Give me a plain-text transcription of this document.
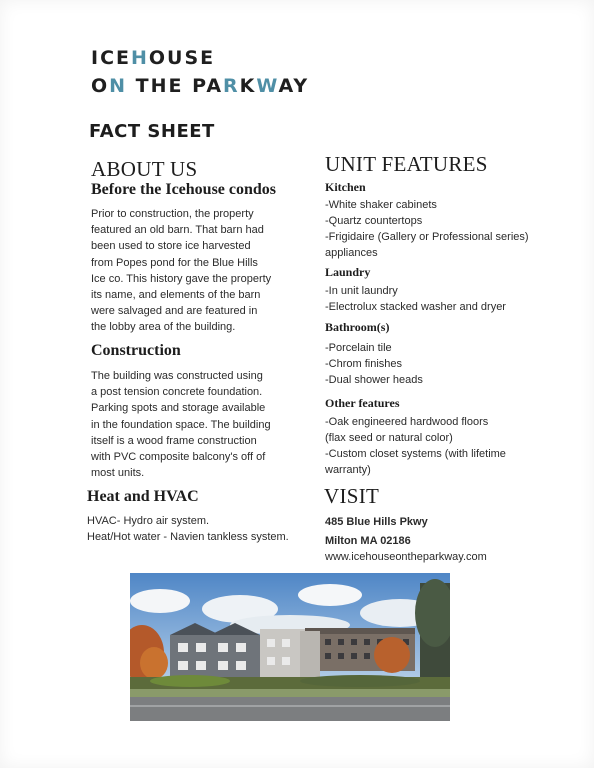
ICEHOUSE
ON THE PARKWAY
FACT SHEET
ABOUT US
Before the Icehouse condos
Prior to construction, the property
featured an old barn. That barn had
been used to store ice harvested
from Popes pond for the Blue Hills
Ice co. This history gave the property
its name, and elements of the barn
were salvaged and are featured in
the lobby area of the building.
Construction
The building was constructed using
a post tension concrete foundation.
Parking spots and storage available
in the foundation space. The building
itself is a wood frame construction
with PVC composite balcony's off of
most units.
Heat and HVAC
HVAC- Hydro air system.
Heat/Hot water - Navien tankless system.
UNIT FEATURES
Kitchen
-White shaker cabinets
-Quartz countertops
-Frigidaire (Gallery or Professional series)
appliances
Laundry
-In unit laundry
-Electrolux stacked washer and dryer
Bathroom(s)
-Porcelain tile
-Chrom finishes
-Dual shower heads
Other features
-Oak engineered hardwood floors
(flax seed or natural color)
-Custom closet systems (with lifetime
warranty)
VISIT
485 Blue Hills Pkwy
Milton MA 02186
www.icehouseontheparkway.com
